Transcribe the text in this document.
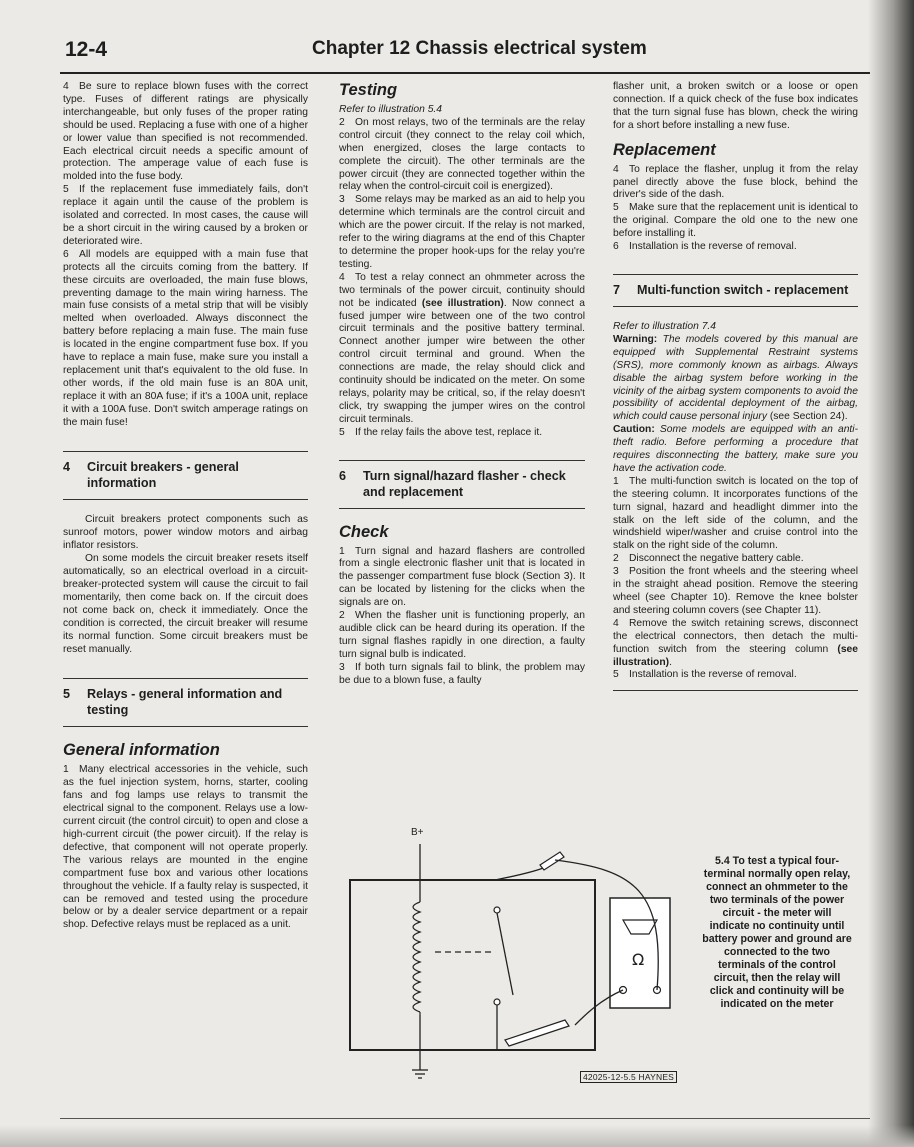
12-4	Chapter 12 Chassis electrical system

4 Be sure to replace blown fuses with the correct type. Fuses of different ratings are physically interchangeable, but only fuses of the proper rating should be used. Replacing a fuse with one of a higher or lower value than specified is not recommended. Each electrical circuit needs a specific amount of protection. The amperage value of each fuse is molded into the fuse body.

5 If the replacement fuse immediately fails, don't replace it again until the cause of the problem is isolated and corrected. In most cases, the cause will be a short circuit in the wiring caused by a broken or deteriorated wire.

6 All models are equipped with a main fuse that protects all the circuits coming from the battery. If these circuits are overloaded, the main fuse blows, preventing damage to the main wiring harness. The main fuse consists of a metal strip that will be visibly melted when overloaded. Always disconnect the battery before replacing a main fuse. The main fuse is located in the engine compartment fuse box. If you have to replace a main fuse, make sure you install a replacement unit that's equivalent to the old fuse. In other words, if the old main fuse is an 80A unit, replace it with an 80A fuse; if it's a 100A unit, replace it with a 100A fuse. Don't switch amperage ratings on the main fuse!

4	Circuit breakers - general information

Circuit breakers protect components such as sunroof motors, power window motors and airbag inflator resistors.

On some models the circuit breaker resets itself automatically, so an electrical overload in a circuit-breaker-protected system will cause the circuit to fail momentarily, then come back on. If the circuit does not come back on, check it immediately. Once the condition is corrected, the circuit breaker will resume its normal function. Some circuit breakers must be reset manually.

5	Relays - general information and testing
General information

1 Many electrical accessories in the vehicle, such as the fuel injection system, horns, starter, cooling fans and fog lamps use relays to transmit the electrical signal to the component. Relays use a low-current circuit (the control circuit) to open and close a high-current circuit (the power circuit). If the relay is defective, that component will not operate properly. The various relays are mounted in the engine compartment fuse box and various other locations throughout the vehicle. If a faulty relay is suspected, it can be removed and tested using the procedure below or by a dealer service department or a repair shop. Defective relays must be replaced as a unit.

Testing

Refer to illustration 5.4

2 On most relays, two of the terminals are the relay control circuit (they connect to the relay coil which, when energized, closes the large contacts to complete the circuit). The other terminals are the power circuit (they are connected together within the relay when the control-circuit coil is energized).

3 Some relays may be marked as an aid to help you determine which terminals are the control circuit and which are the power circuit. If the relay is not marked, refer to the wiring diagrams at the end of this Chapter to determine the proper hook-ups for the relay you're testing.

4 To test a relay connect an ohmmeter across the two terminals of the power circuit, continuity should not be indicated (see illustration). Now connect a fused jumper wire between one of the two control circuit terminals and the positive battery terminal. Connect another jumper wire between the other control circuit terminal and ground. When the connections are made, the relay should click and continuity should be indicated on the meter. On some relays, polarity may be critical, so, if the relay doesn't click, try swapping the jumper wires on the control circuit terminals.

5 If the relay fails the above test, replace it.

6	Turn signal/hazard flasher - check and replacement
Check

1 Turn signal and hazard flashers are controlled from a single electronic flasher unit that is located in the passenger compartment fuse block (Section 3). It can be located by listening for the clicks when the signals are on.

2 When the flasher unit is functioning properly, an audible click can be heard during its operation. If the turn signal flashes rapidly in one direction, a faulty turn signal bulb is indicated.

3 If both turn signals fail to blink, the problem may be due to a blown fuse, a faulty

flasher unit, a broken switch or a loose or open connection. If a quick check of the fuse box indicates that the turn signal fuse has blown, check the wiring for a short before installing a new fuse.

Replacement

4 To replace the flasher, unplug it from the relay panel directly above the fuse block, behind the driver's side of the dash.

5 Make sure that the replacement unit is identical to the original. Compare the old one to the new one before installing it.

6 Installation is the reverse of removal.

7	Multi-function switch - replacement

Refer to illustration 7.4

Warning: The models covered by this manual are equipped with Supplemental Restraint systems (SRS), more commonly known as airbags. Always disable the airbag system before working in the vicinity of the airbag system components to avoid the possibility of accidental deployment of the airbag, which could cause personal injury (see Section 24).

Caution: Some models are equipped with an anti-theft radio. Before performing a procedure that requires disconnecting the battery, make sure you have the activation code.

1 The multi-function switch is located on the top of the steering column. It incorporates functions of the turn signal, hazard and headlight dimmer into the stalk on the left side of the column, and the windshield wiper/washer and cruise control into the stalk on the right side of the column.

2 Disconnect the negative battery cable.

3 Position the front wheels and the steering wheel in the straight ahead position. Remove the steering wheel (see Chapter 10). Remove the knee bolster and steering column covers (see Chapter 11).

4 Remove the switch retaining screws, disconnect the electrical connectors, then detach the multi-function switch from the steering column (see illustration).

5 Installation is the reverse of removal.

B+
Ω
5.4 To test a typical four-terminal normally open relay, connect an ohmmeter to the two terminals of the power circuit - the meter will indicate no continuity until battery power and ground are connected to the two terminals of the control circuit, then the relay will click and continuity will be indicated on the meter
42025-12-5.5 HAYNES
